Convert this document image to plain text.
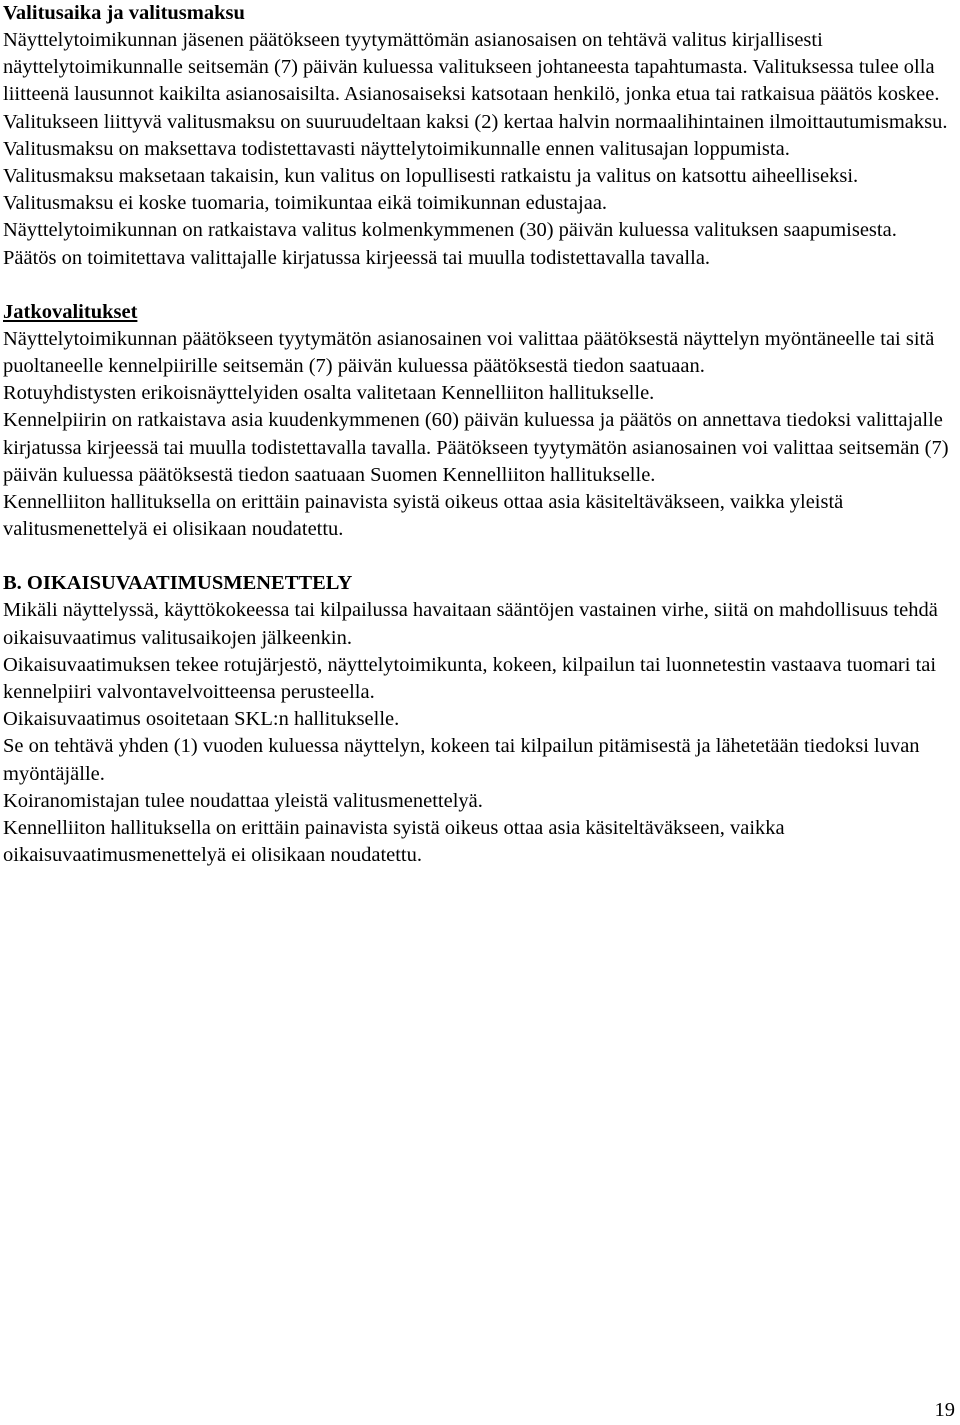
Valitusaika ja valitusmaksu

Näyttelytoimikunnan jäsenen päätökseen tyytymättömän asianosaisen on tehtävä valitus kirjallisesti näyttelytoimikunnalle seitsemän (7) päivän kuluessa valitukseen johtaneesta tapahtumasta. Valituksessa tulee olla liitteenä lausunnot kaikilta asianosaisilta. Asianosaiseksi katsotaan henkilö, jonka etua tai ratkaisua päätös koskee.

Valitukseen liittyvä valitusmaksu on suuruudeltaan kaksi (2) kertaa halvin normaalihintainen ilmoittautumismaksu. Valitusmaksu on maksettava todistettavasti näyttelytoimikunnalle ennen valitusajan loppumista.

Valitusmaksu maksetaan takaisin, kun valitus on lopullisesti ratkaistu ja valitus on katsottu aiheelliseksi.

Valitusmaksu ei koske tuomaria, toimikuntaa eikä toimikunnan edustajaa.

Näyttelytoimikunnan on ratkaistava valitus kolmenkymmenen (30) päivän kuluessa valituksen saapumisesta. Päätös on toimitettava valittajalle kirjatussa kirjeessä tai muulla todistettavalla tavalla.

Jatkovalitukset

Näyttelytoimikunnan päätökseen tyytymätön asianosainen voi valittaa päätöksestä näyttelyn myöntäneelle tai sitä puoltaneelle kennelpiirille seitsemän (7) päivän kuluessa päätöksestä tiedon saatuaan.

Rotuyhdistysten erikoisnäyttelyiden osalta valitetaan Kennelliiton hallitukselle.

Kennelpiirin on ratkaistava asia kuudenkymmenen (60) päivän kuluessa ja päätös on annettava tiedoksi valittajalle kirjatussa kirjeessä tai muulla todistettavalla tavalla. Päätökseen tyytymätön asianosainen voi valittaa seitsemän (7) päivän kuluessa päätöksestä tiedon saatuaan Suomen Kennelliiton hallitukselle.

Kennelliiton hallituksella on erittäin painavista syistä oikeus ottaa asia käsiteltäväkseen, vaikka yleistä valitusmenettelyä ei olisikaan noudatettu.

B. OIKAISUVAATIMUSMENETTELY

Mikäli näyttelyssä, käyttökokeessa tai kilpailussa havaitaan sääntöjen vastainen virhe, siitä on mahdollisuus tehdä oikaisuvaatimus valitusaikojen jälkeenkin.

Oikaisuvaatimuksen tekee rotujärjestö, näyttelytoimikunta, kokeen, kilpailun tai luonnetestin vastaava tuomari tai kennelpiiri valvontavelvoitteensa perusteella.

Oikaisuvaatimus osoitetaan SKL:n hallitukselle.

Se on tehtävä yhden (1) vuoden kuluessa näyttelyn, kokeen tai kilpailun pitämisestä ja lähetetään tiedoksi luvan myöntäjälle.

Koiranomistajan tulee noudattaa yleistä valitusmenettelyä.

Kennelliiton hallituksella on erittäin painavista syistä oikeus ottaa asia käsiteltäväkseen, vaikka oikaisuvaatimusmenettelyä ei olisikaan noudatettu.

19
